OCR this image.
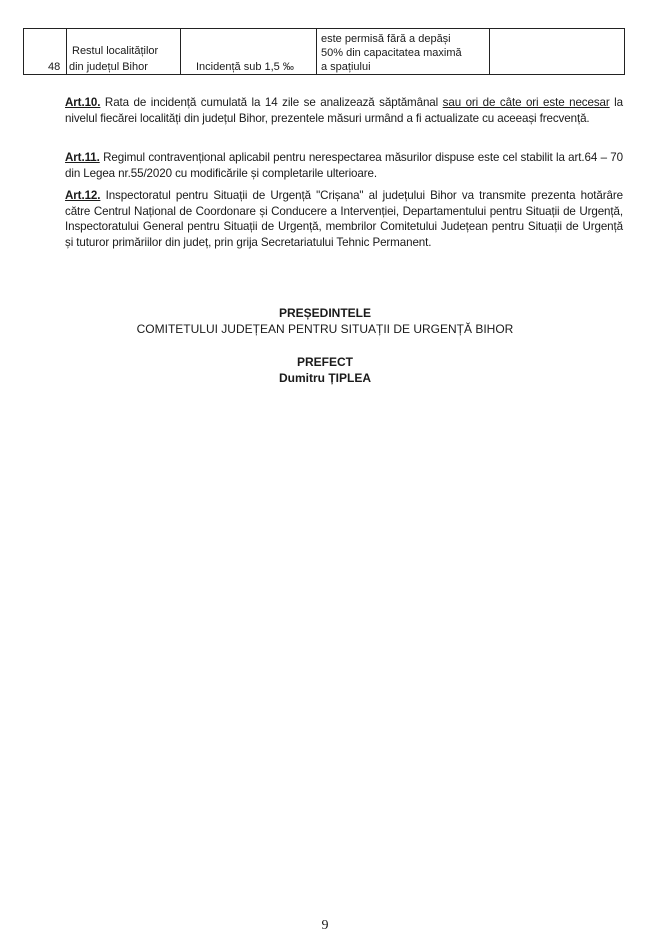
48
Restul localităților
din județul Bihor	Incidență sub 1,5 ‰
este permisă fără a depăși
50% din capacitatea maximă
a spațiului

Art.10. Rata de incidență cumulată la 14 zile se analizează săptămânal sau ori de câte ori este necesar la nivelul fiecărei localități din județul Bihor, prezentele măsuri urmând a fi actualizate cu aceeași frecvență.

Art.11. Regimul contravențional aplicabil pentru nerespectarea măsurilor dispuse este cel stabilit la art.64 – 70 din Legea nr.55/2020 cu modificările și completarile ulterioare.

Art.12. Inspectoratul pentru Situații de Urgență "Crișana" al județului Bihor va transmite prezenta hotărâre către Centrul Național de Coordonare și Conducere a Intervenției, Departamentului pentru Situații de Urgență, Inspectoratului General pentru Situații de Urgență, membrilor Comitetului Județean pentru Situații de Urgență și tuturor primăriilor din județ, prin grija Secretariatului Tehnic Permanent.

PREȘEDINTELE
COMITETULUI JUDEȚEAN PENTRU SITUAȚII DE URGENȚĂ BIHOR
PREFECT
Dumitru ȚIPLEA
9
